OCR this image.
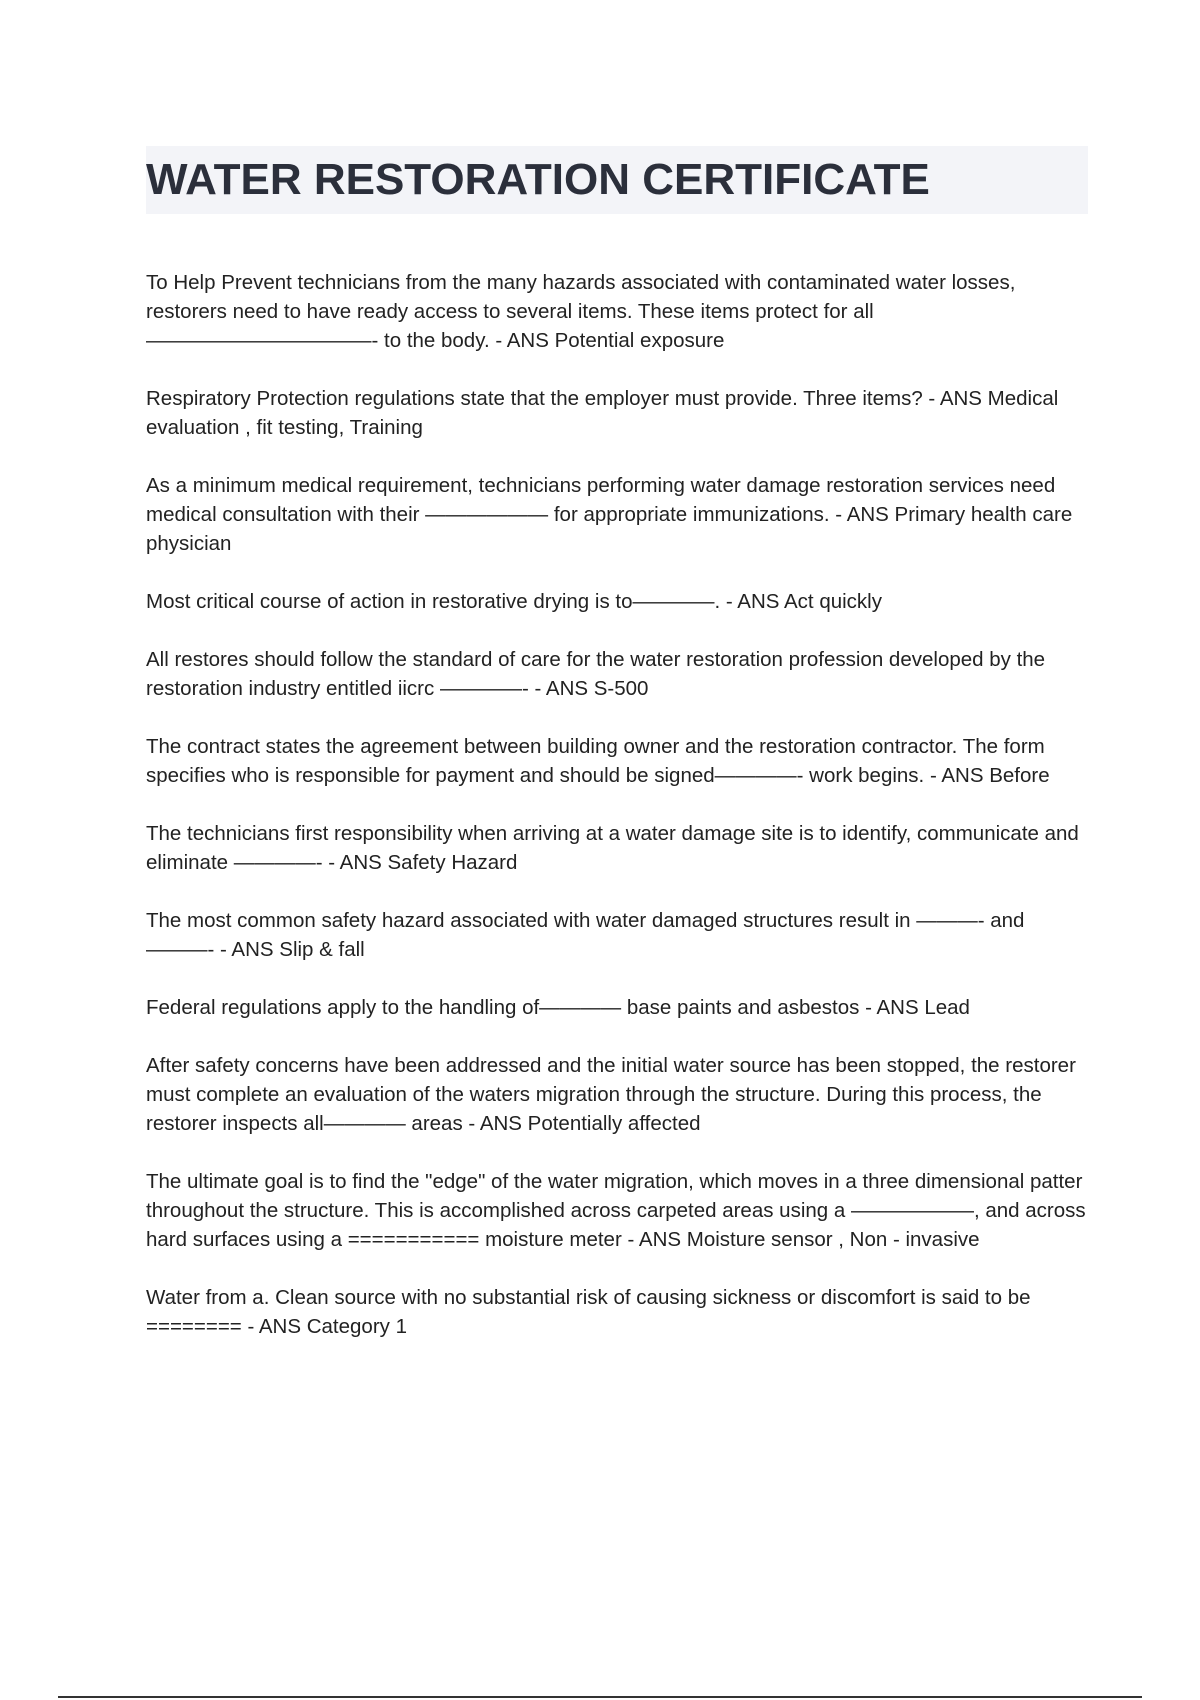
WATER RESTORATION CERTIFICATE

To Help Prevent technicians from the many hazards associated with contaminated water losses, restorers need to have ready access to several items. These items protect for all———————————- to the body. - ANS Potential exposure

Respiratory Protection regulations state that the employer must provide. Three items? - ANS Medical evaluation , fit testing, Training

As a minimum medical requirement, technicians performing water damage restoration services need medical consultation with their —————— for appropriate immunizations. - ANS Primary health care physician

Most critical course of action in restorative drying is to————. - ANS Act quickly

All restores should follow the standard of care for the water restoration profession developed by the restoration industry entitled iicrc ————- - ANS S-500

The contract states the agreement between building owner and the restoration contractor. The form specifies who is responsible for payment and should be signed————- work begins. - ANS Before

The technicians first responsibility when arriving at a water damage site is to identify, communicate and eliminate ————- - ANS Safety Hazard

The most common safety hazard associated with water damaged structures result in ———- and ———- - ANS Slip & fall

Federal regulations apply to the handling of———— base paints and asbestos - ANS Lead

After safety concerns have been addressed and the initial water source has been stopped, the restorer must complete an evaluation of the waters migration through the structure. During this process, the restorer inspects all———— areas - ANS Potentially affected

The ultimate goal is to find the "edge" of the water migration, which moves in a three dimensional patter throughout the structure. This is accomplished across carpeted areas using a ——————, and across hard surfaces using a =========== moisture meter - ANS Moisture sensor , Non - invasive

Water from a. Clean source with no substantial risk of causing sickness or discomfort is said to be ======== - ANS Category 1
